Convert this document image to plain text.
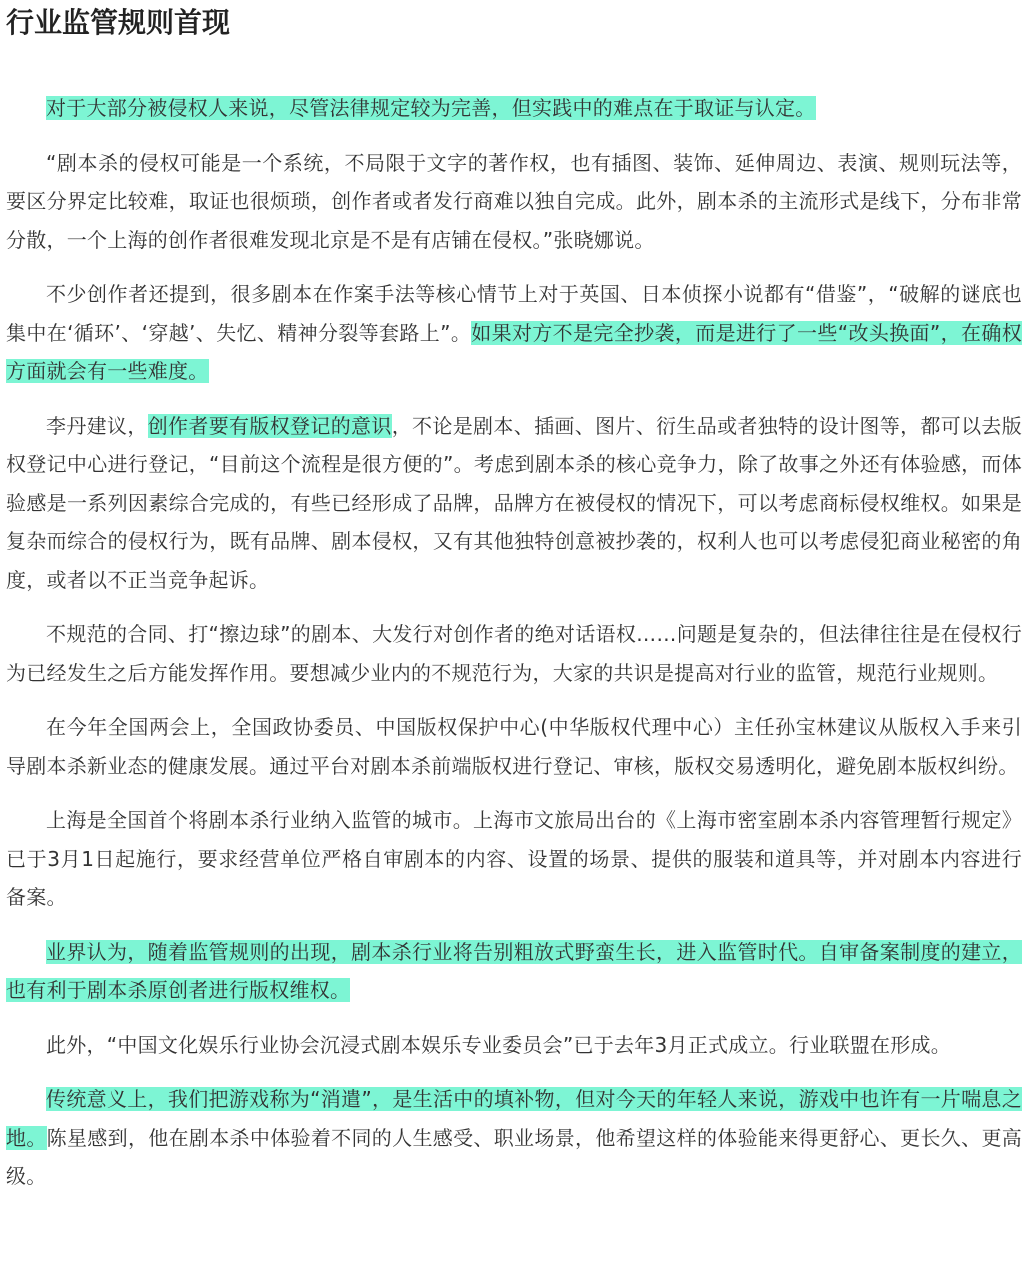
行业监管规则首现

对于大部分被侵权人来说，尽管法律规定较为完善，但实践中的难点在于取证与认定。

“剧本杀的侵权可能是一个系统，不局限于文字的著作权，也有插图、装饰、延伸周边、表演、规则玩法等，要区分界定比较难，取证也很烦琐，创作者或者发行商难以独自完成。此外，剧本杀的主流形式是线下，分布非常分散，一个上海的创作者很难发现北京是不是有店铺在侵权。”张晓娜说。

不少创作者还提到，很多剧本在作案手法等核心情节上对于英国、日本侦探小说都有“借鉴”，“破解的谜底也集中在‘循环’、‘穿越’、失忆、精神分裂等套路上”。如果对方不是完全抄袭，而是进行了一些“改头换面”，在确权方面就会有一些难度。

李丹建议，创作者要有版权登记的意识，不论是剧本、插画、图片、衍生品或者独特的设计图等，都可以去版权登记中心进行登记，“目前这个流程是很方便的”。考虑到剧本杀的核心竞争力，除了故事之外还有体验感，而体验感是一系列因素综合完成的，有些已经形成了品牌，品牌方在被侵权的情况下，可以考虑商标侵权维权。如果是复杂而综合的侵权行为，既有品牌、剧本侵权，又有其他独特创意被抄袭的，权利人也可以考虑侵犯商业秘密的角度，或者以不正当竞争起诉。

不规范的合同、打“擦边球”的剧本、大发行对创作者的绝对话语权……问题是复杂的，但法律往往是在侵权行为已经发生之后方能发挥作用。要想减少业内的不规范行为，大家的共识是提高对行业的监管，规范行业规则。

在今年全国两会上，全国政协委员、中国版权保护中心(中华版权代理中心）主任孙宝林建议从版权入手来引导剧本杀新业态的健康发展。通过平台对剧本杀前端版权进行登记、审核，版权交易透明化，避免剧本版权纠纷。

上海是全国首个将剧本杀行业纳入监管的城市。上海市文旅局出台的《上海市密室剧本杀内容管理暂行规定》已于3月1日起施行，要求经营单位严格自审剧本的内容、设置的场景、提供的服装和道具等，并对剧本内容进行备案。

业界认为，随着监管规则的出现，剧本杀行业将告别粗放式野蛮生长，进入监管时代。自审备案制度的建立，也有利于剧本杀原创者进行版权维权。

此外，“中国文化娱乐行业协会沉浸式剧本娱乐专业委员会”已于去年3月正式成立。行业联盟在形成。

传统意义上，我们把游戏称为“消遣”，是生活中的填补物，但对今天的年轻人来说，游戏中也许有一片喘息之地。陈星感到，他在剧本杀中体验着不同的人生感受、职业场景，他希望这样的体验能来得更舒心、更长久、更高级。
